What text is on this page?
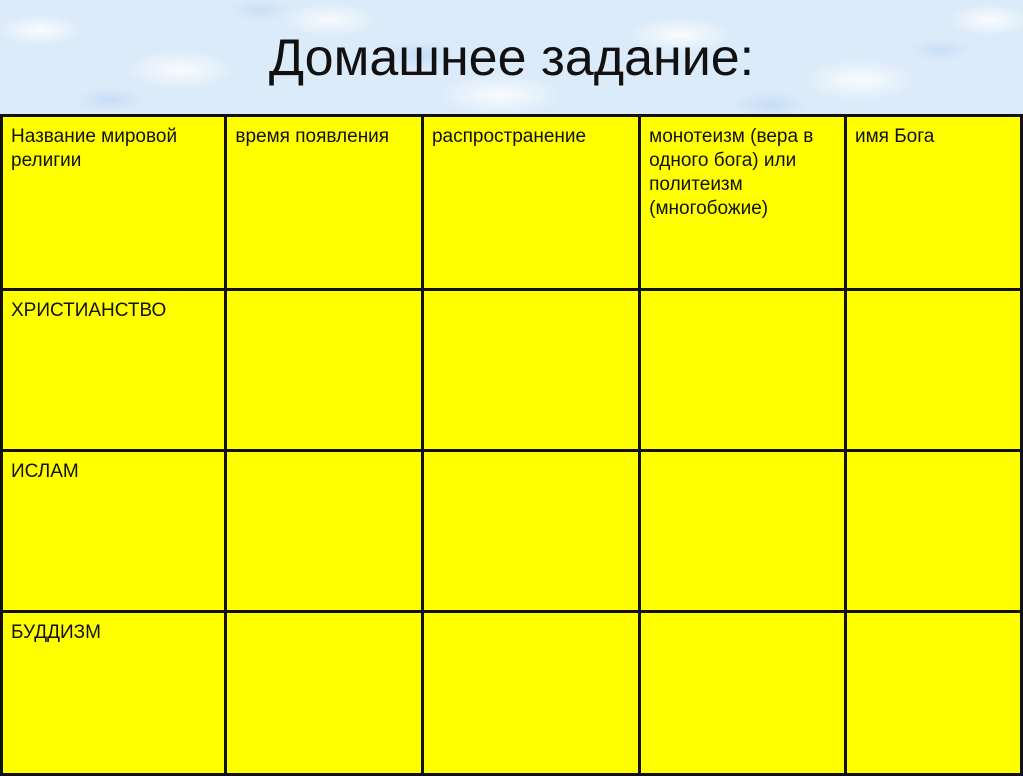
Домашнее задание:
Название мировой религии	время появления	распространение	монотеизм (вера в одного бога) или политеизм (многобожие)	имя Бога
ХРИСТИАНСТВО				
ИСЛАМ				
БУДДИЗМ				
